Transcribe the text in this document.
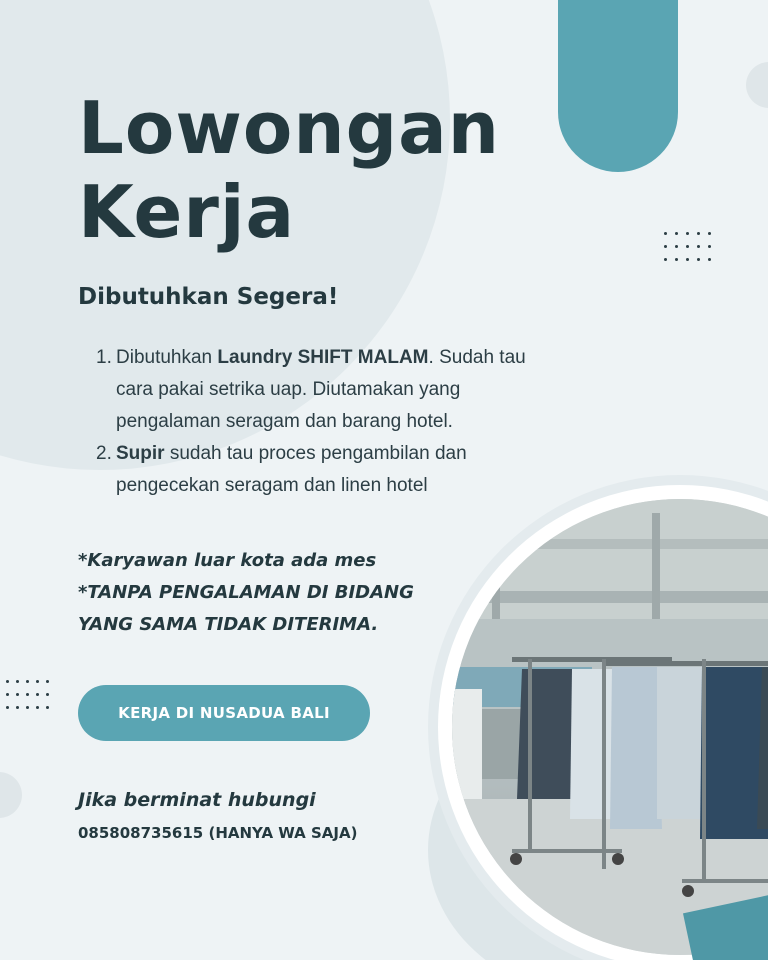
Lowongan
Kerja
Dibutuhkan Segera!
1. Dibutuhkan Laundry SHIFT MALAM. Sudah tau cara pakai setrika uap. Diutamakan yang pengalaman seragam dan barang hotel.
2. Supir sudah tau proces pengambilan dan pengecekan seragam dan linen hotel
*Karyawan luar kota ada mes
*TANPA PENGALAMAN DI BIDANG
YANG SAMA TIDAK DITERIMA.
KERJA DI NUSADUA BALI
Jika berminat hubungi
085808735615 (HANYA WA SAJA)
